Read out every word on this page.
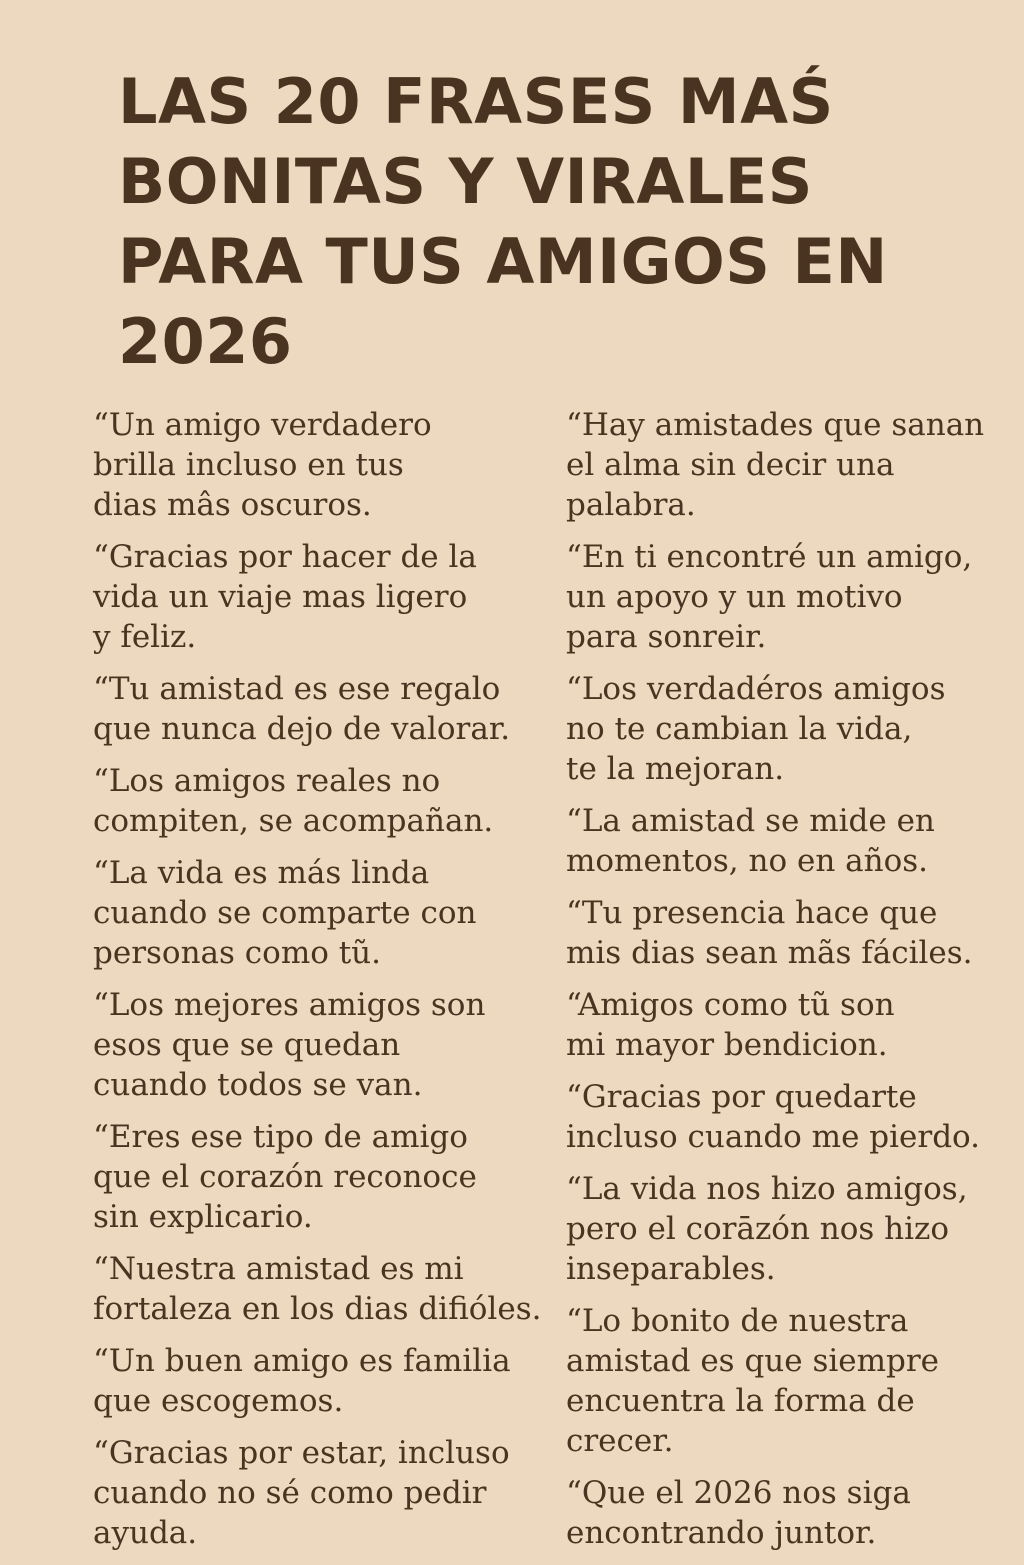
LAS 20 FRASES MAŚ
BONITAS Y VIRALES
PARA TUS AMIGOS EN
2026

“Un amigo verdadero
brilla incluso en tus
dias mâs oscuros.

“Gracias por hacer de la
vida un viaje mas ligero
y feliz.

“Tu amistad es ese regalo
que nunca dejo de valorar.

“Los amigos reales no
compiten, se acompañan.

“La vida es más linda
cuando se comparte con
personas como tũ.

“Los mejores amigos son
esos que se quedan
cuando todos se van.

“Eres ese tipo de amigo
que el corazón reconoce
sin explicario.

“Nuestra amistad es mi
fortaleza en los dias difióles.

“Un buen amigo es familia
que escogemos.

“Gracias por estar, incluso
cuando no sé como pedir
ayuda.

“Hay amistades que sanan
el alma sin decir una
palabra.

“En ti encontré un amigo,
un apoyo y un motivo
para sonreir.

“Los verdadéros amigos
no te cambian la vida,
te la mejoran.

“La amistad se mide en
momentos, no en años.

“Tu presencia hace que
mis dias sean mãs fáciles.

“Amigos como tũ son
mi mayor bendicion.

“Gracias por quedarte
incluso cuando me pierdo.

“La vida nos hizo amigos,
pero el corāzón nos hizo
inseparables.

“Lo bonito de nuestra
amistad es que siempre
encuentra la forma de
crecer.

“Que el 2026 nos siga
encontrando juntor.
